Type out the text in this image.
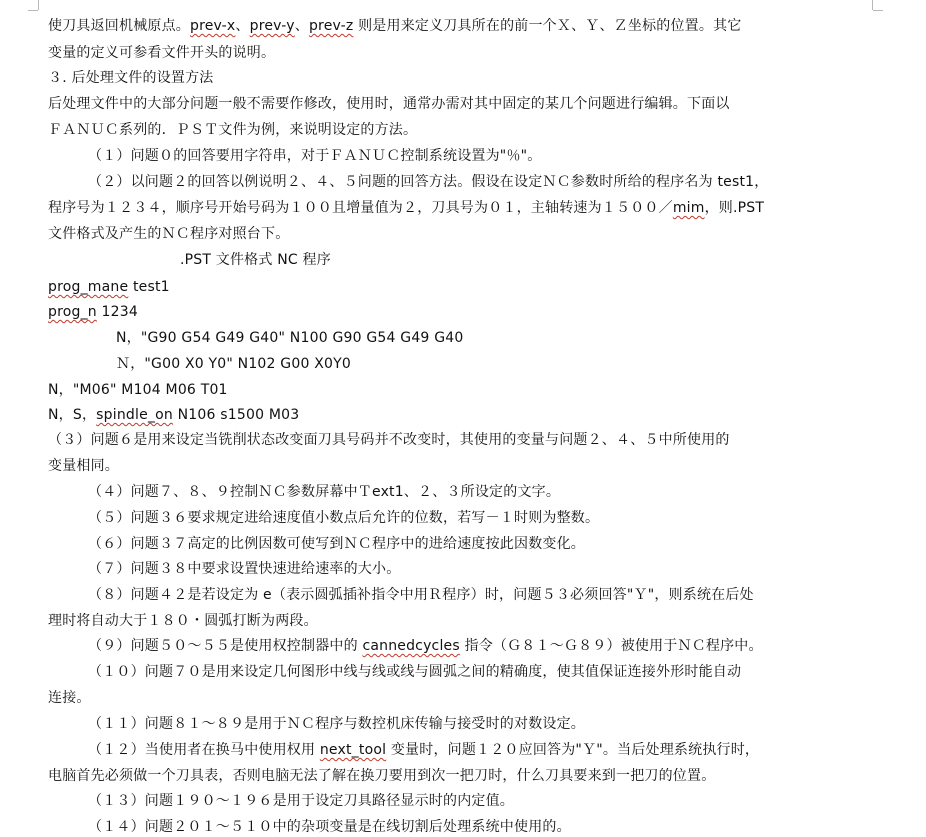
使刀具返回机械原点。prev-x、prev-y、prev-z 则是用来定义刀具所在的前一个Ｘ、Ｙ、Ｚ坐标的位置。其它
变量的定义可参看文件开头的说明。
３. 后处理文件的设置方法
后处理文件中的大部分问题一般不需要作修改，使用时，通常办需对其中固定的某几个问题进行编辑。下面以
ＦＡＮＵＣ系列的．ＰＳＴ文件为例，来说明设定的方法。
（１）问题０的回答要用字符串，对于ＦＡＮＵＣ控制系统设置为"％"。
（２）以问题２的回答以例说明２、４、５问题的回答方法。假设在设定ＮＣ参数时所给的程序名为 test1，
程序号为１２３４，顺序号开始号码为１００且增量值为２，刀具号为０１，主轴转速为１５００／mim，则.PST
文件格式及产生的ＮＣ程序对照台下。
.PST 文件格式 NC 程序
prog_mane test1
prog_n 1234
N，"G90 G54 G49 G40" N100 G90 G54 G49 G40
Ｎ，"G00 X0 Y0" N102 G00 X0Y0
N，"M06" M104 M06 T01
N，S，spindle_on N106 s1500 M03
（３）问题６是用来设定当铣削状态改变面刀具号码并不改变时，其使用的变量与问题２、４、５中所使用的
变量相同。
（４）问题７、８、９控制ＮＣ参数屏幕中Ｔext1、２、３所设定的文字。
（５）问题３６要求规定进给速度值小数点后允许的位数，若写－１时则为整数。
（６）问题３７高定的比例因数可使写到ＮＣ程序中的进给速度按此因数变化。
（７）问题３８中要求设置快速进给速率的大小。
（８）问题４２是若设定为 e（表示圆弧插补指令中用Ｒ程序）时，问题５３必须回答"Ｙ"，则系统在后处
理时将自动大于１８０・圆弧打断为两段。
（９）问题５０～５５是使用权控制器中的 cannedcycles 指令（Ｇ８１～Ｇ８９）被使用于ＮＣ程序中。
（１０）问题７０是用来设定几何图形中线与线或线与圆弧之间的精确度，使其值保证连接外形时能自动
连接。
（１１）问题８１～８９是用于ＮＣ程序与数控机床传输与接受时的对数设定。
（１２）当使用者在换马中使用权用 next_tool 变量时，问题１２０应回答为"Ｙ"。当后处理系统执行时，
电脑首先必须做一个刀具表，否则电脑无法了解在换刀要用到次一把刀时，什么刀具要来到一把刀的位置。
（１３）问题１９０～１９６是用于设定刀具路径显示时的内定值。
（１４）问题２０１～５１０中的杂项变量是在线切割后处理系统中使用的。
